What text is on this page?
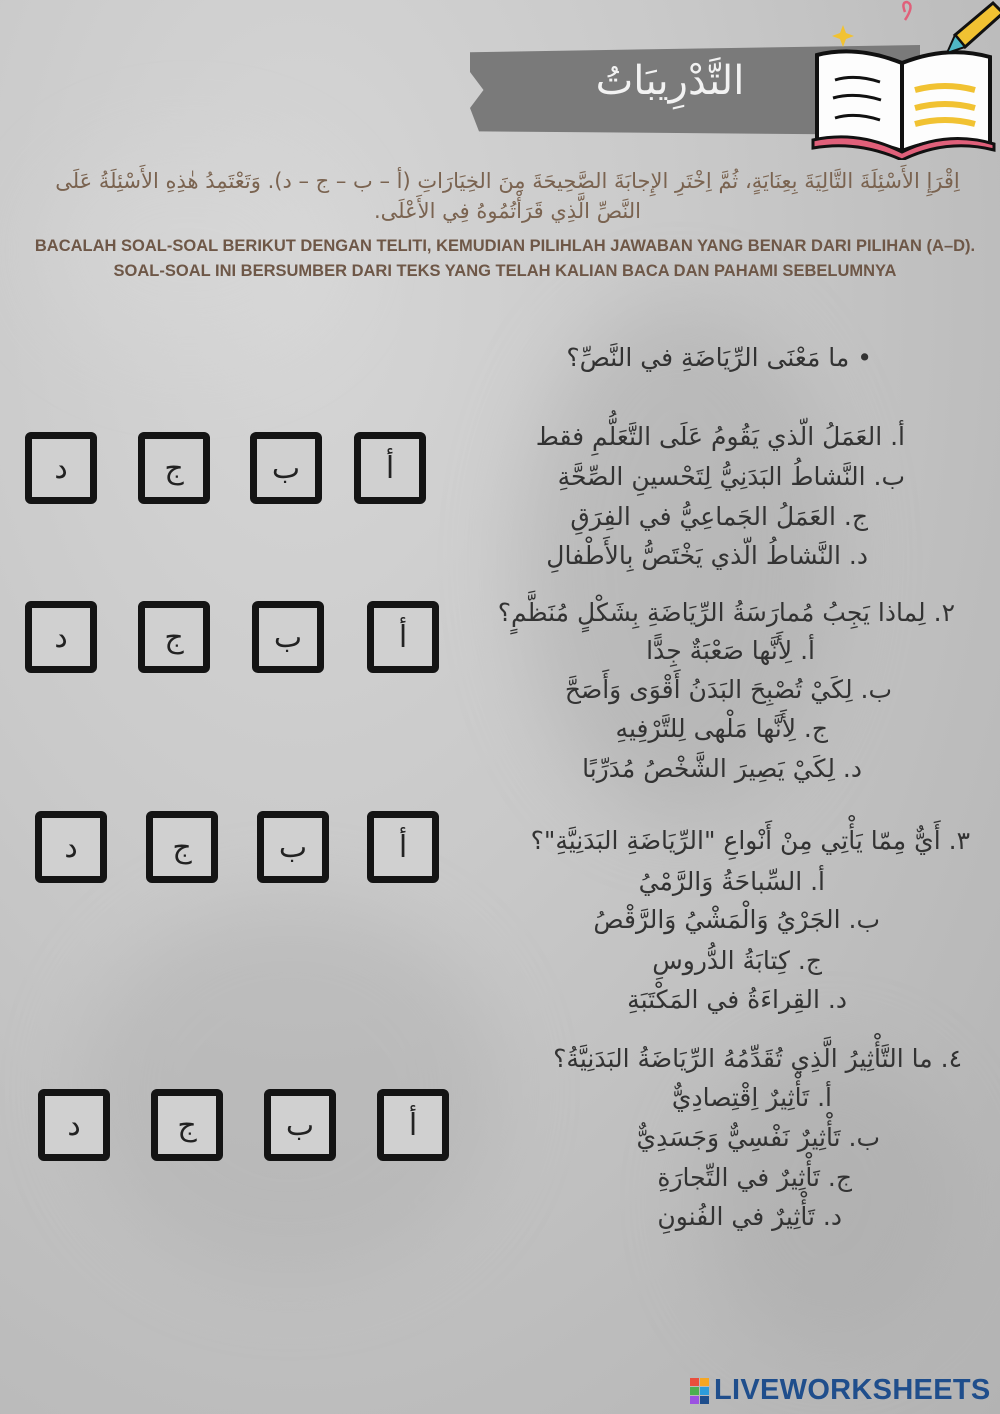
التَّدْرِيبَاتُ
اِقْرَإِ الأَسْئِلَةَ التَّالِيَةَ بِعِنَايَةٍ، ثُمَّ اِخْتَرِ الإِجابَةَ الصَّحِيحَةَ مِنَ الخِيَارَاتِ (أ – ب – ج – د). وَتَعْتَمِدُ هٰذِهِ الأَسْئِلَةُ عَلَى النَّصِّ الَّذِي قَرَأْتُمُوهُ فِي الأَعْلَى.
BACALAH SOAL-SOAL BERIKUT DENGAN TELITI, KEMUDIAN PILIHLAH JAWABAN YANG BENAR DARI PILIHAN (A–D). SOAL-SOAL INI BERSUMBER DARI TEKS YANG TELAH KALIAN BACA DAN PAHAMI SEBELUMNYA
• ما مَعْنَى الرِّيَاضَةِ في النَّصِّ؟
أ. العَمَلُ الّذي يَقُومُ عَلَى التَّعَلُّمِ فقط
ب. النَّشاطُ البَدَنِيُّ لِتَحْسينِ الصِّحَّةِ
ج. العَمَلُ الجَماعِيُّ في الفِرَقِ
د. النَّشاطُ الّذي يَخْتَصُّ بِالأَطْفالِ
أ
ب
ج
د
٢. لِماذا يَجِبُ مُمارَسَةُ الرِّيَاضَةِ بِشَكْلٍ مُنَظَّمٍ؟
أ. لِأَنَّها صَعْبَةٌ جِدًّا
ب. لِكَيْ تُصْبِحَ البَدَنُ أَقْوَى وَأَصَحَّ
ج. لِأَنَّها مَلْهى لِلتَّرْفِيهِ
د. لِكَيْ يَصِيرَ الشَّخْصُ مُدَرِّبًا
أ
ب
ج
د
٣. أَيٌّ مِمّا يَأْتِي مِنْ أَنْواعِ "الرِّيَاضَةِ البَدَنِيَّةِ"؟
أ. السِّباحَةُ وَالرَّمْيُ
ب. الجَرْيُ وَالْمَشْيُ وَالرَّقْصُ
ج. كِتابَةُ الدُّروسِ
د. القِراءَةُ في المَكْتَبَةِ
أ
ب
ج
د
٤. ما التَّأْثِيرُ الَّذِي تُقَدِّمُهُ الرِّيَاضَةُ البَدَنِيَّةُ؟
أ. تَأْثِيرٌ اِقْتِصادِيٌّ
ب. تَأْثِيرٌ نَفْسِيٌّ وَجَسَدِيٌّ
ج. تَأْثِيرٌ في التِّجارَةِ
د. تَأْثِيرٌ في الفُنونِ
أ
ب
ج
د
LIVEWORKSHEETS
